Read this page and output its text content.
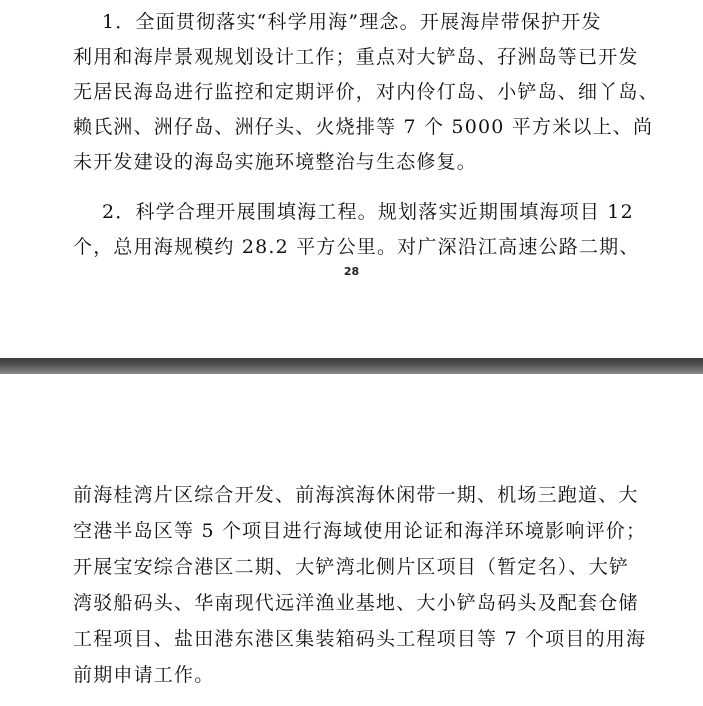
1．全面贯彻落实“科学用海”理念。开展海岸带保护开发
利用和海岸景观规划设计工作；重点对大铲岛、孖洲岛等已开发
无居民海岛进行监控和定期评价，对内伶仃岛、小铲岛、细丫岛、
赖氏洲、洲仔岛、洲仔头、火烧排等 7 个 5000 平方米以上、尚
未开发建设的海岛实施环境整治与生态修复。
2．科学合理开展围填海工程。规划落实近期围填海项目 12
个，总用海规模约 28.2 平方公里。对广深沿江高速公路二期、
28
前海桂湾片区综合开发、前海滨海休闲带一期、机场三跑道、大
空港半岛区等 5 个项目进行海域使用论证和海洋环境影响评价；
开展宝安综合港区二期、大铲湾北侧片区项目（暂定名）、大铲
湾驳船码头、华南现代远洋渔业基地、大小铲岛码头及配套仓储
工程项目、盐田港东港区集装箱码头工程项目等 7 个项目的用海
前期申请工作。
